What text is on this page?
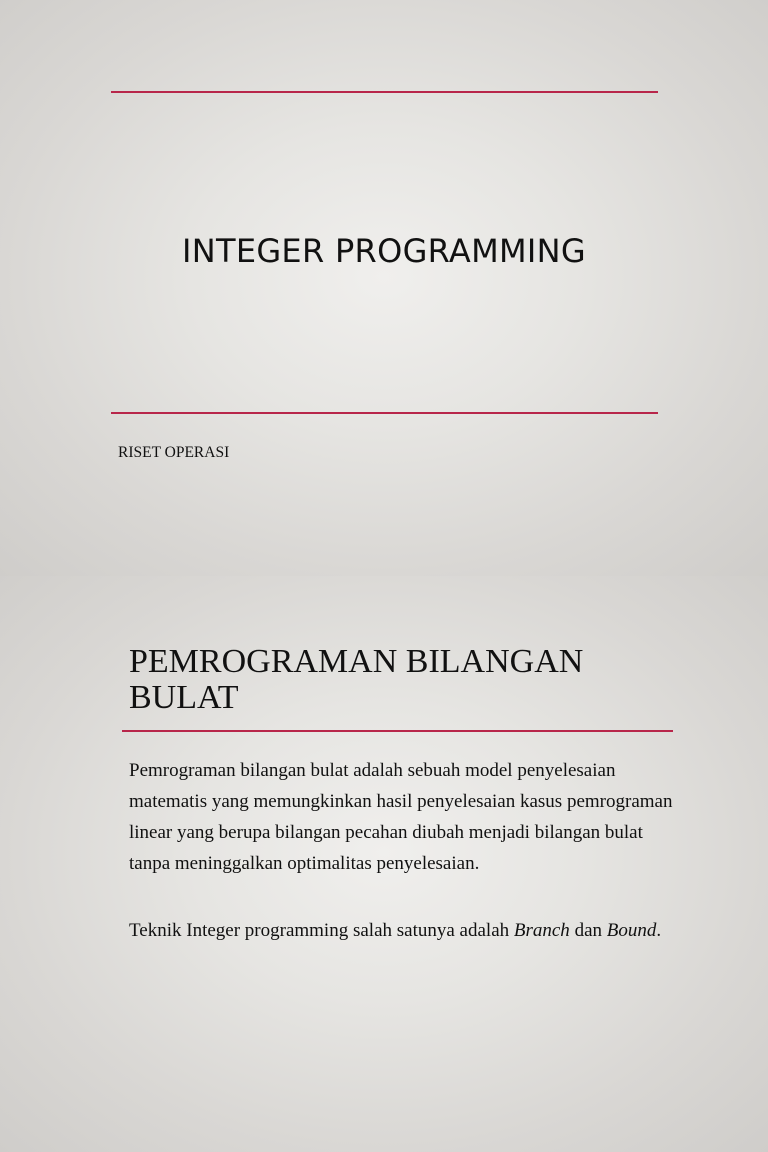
INTEGER PROGRAMMING

RISET OPERASI

PEMROGRAMAN BILANGAN BULAT

Pemrograman bilangan bulat adalah sebuah model penyelesaian matematis yang memungkinkan hasil penyelesaian kasus pemrograman linear yang berupa bilangan pecahan diubah menjadi bilangan bulat tanpa meninggalkan optimalitas penyelesaian.

Teknik Integer programming salah satunya adalah Branch dan Bound.
